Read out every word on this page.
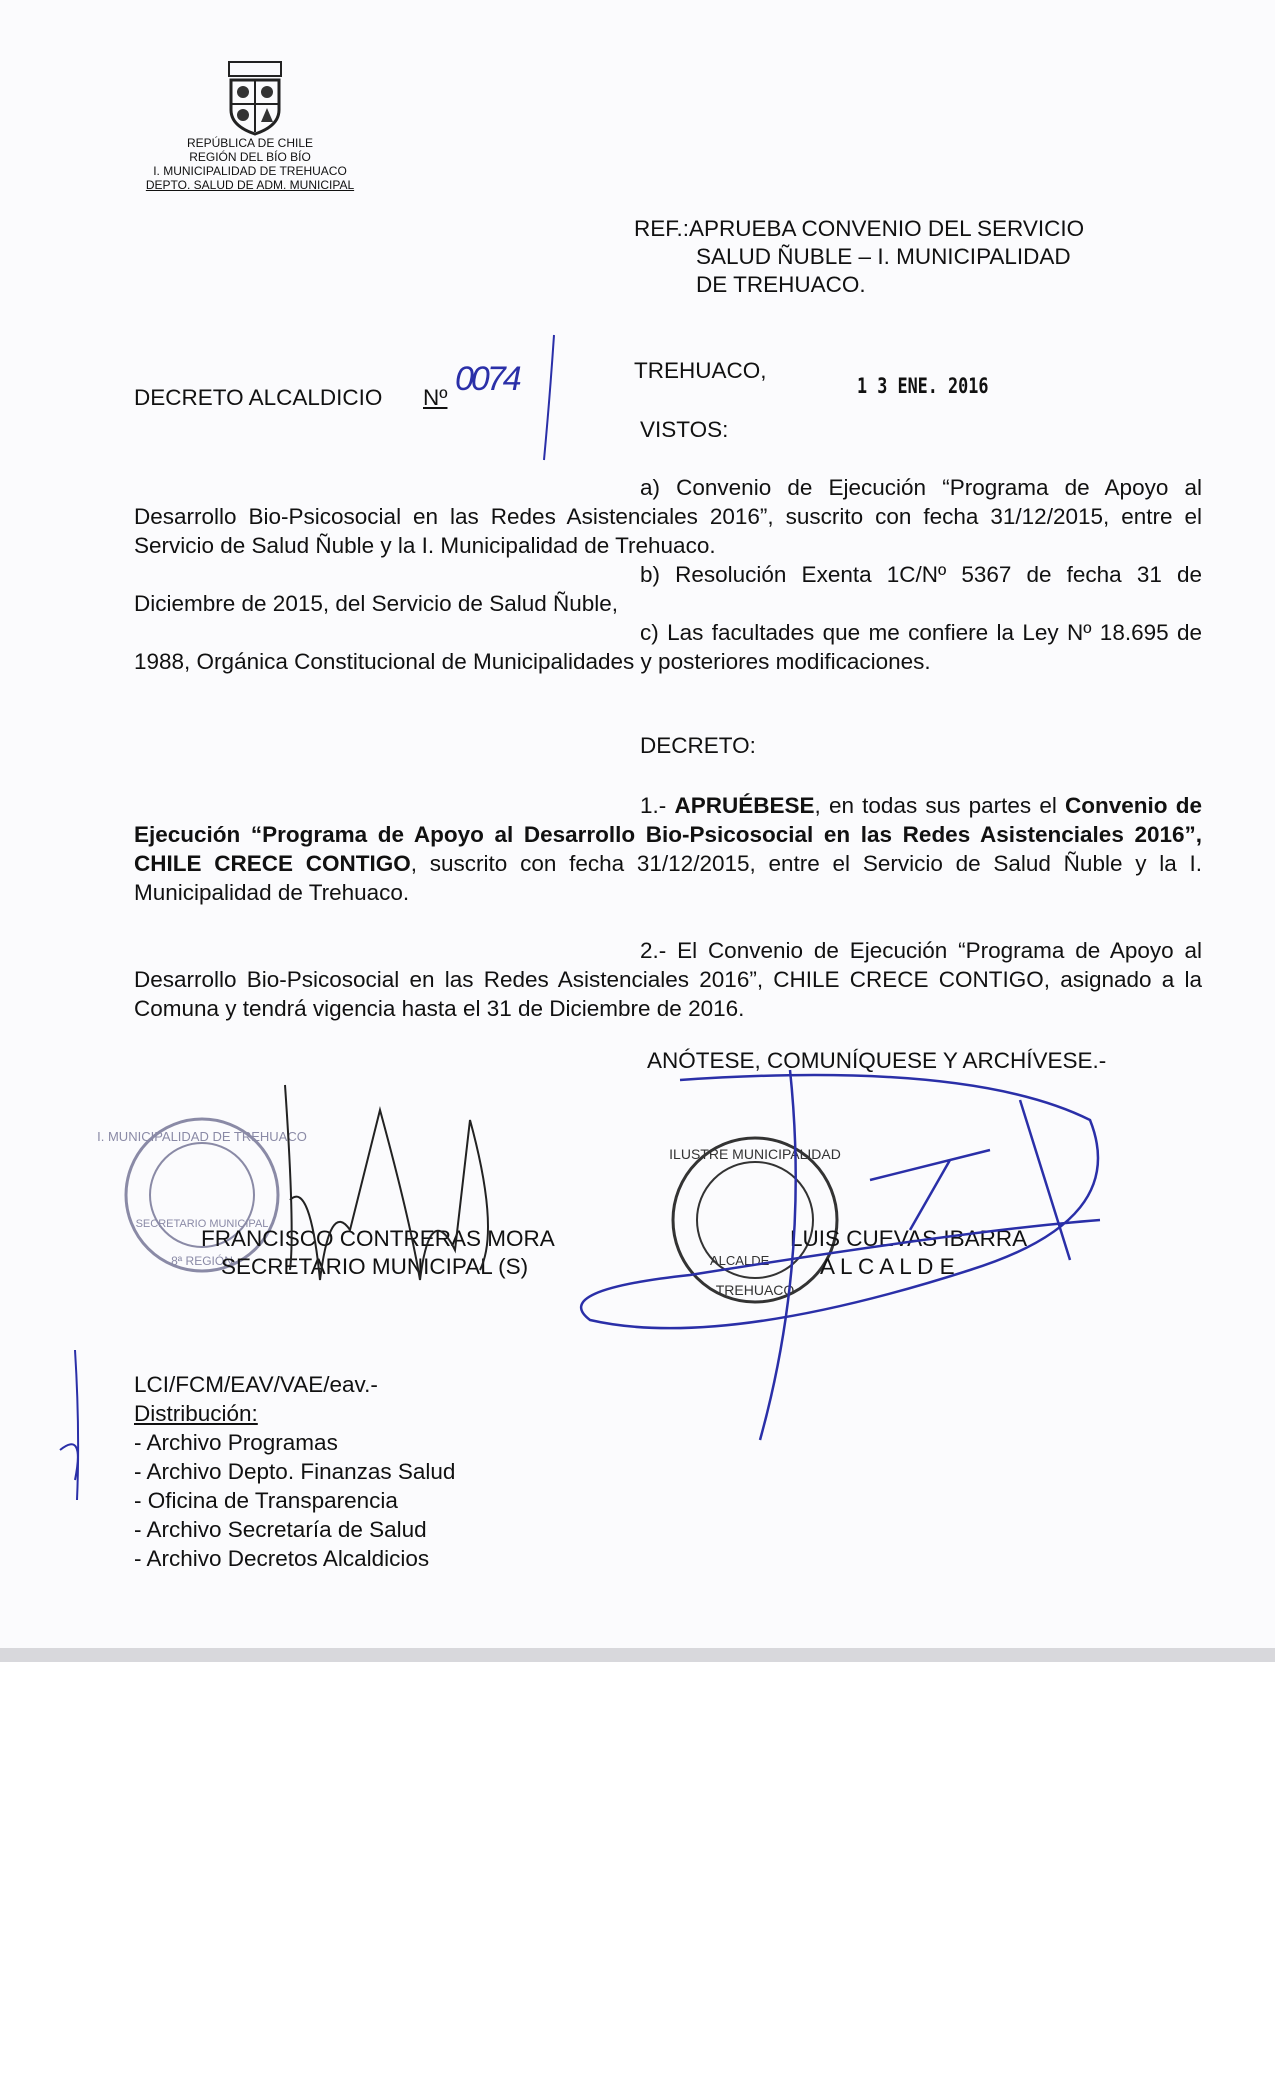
REPÚBLICA DE CHILE
REGIÓN DEL BÍO BÍO
I. MUNICIPALIDAD DE TREHUACO
DEPTO. SALUD DE ADM. MUNICIPAL
REF.:APRUEBA CONVENIO DEL SERVICIO
SALUD ÑUBLE – I. MUNICIPALIDAD
DE TREHUACO.
DECRETO ALCALDICIO Nº 0074	TREHUACO,
1 3 ENE. 2016
VISTOS:
a) Convenio de Ejecución “Programa de Apoyo al Desarrollo Bio-Psicosocial en las Redes Asistenciales 2016”, suscrito con fecha 31/12/2015, entre el Servicio de Salud Ñuble y la I. Municipalidad de Trehuaco.
b) Resolución Exenta 1C/Nº 5367 de fecha 31 de Diciembre de 2015, del Servicio de Salud Ñuble,
c) Las facultades que me confiere la Ley Nº 18.695 de 1988, Orgánica Constitucional de Municipalidades y posteriores modificaciones.
DECRETO:
1.- APRUÉBESE, en todas sus partes el Convenio de Ejecución “Programa de Apoyo al Desarrollo Bio-Psicosocial en las Redes Asistenciales 2016”, CHILE CRECE CONTIGO, suscrito con fecha 31/12/2015, entre el Servicio de Salud Ñuble y la I. Municipalidad de Trehuaco.
2.- El Convenio de Ejecución “Programa de Apoyo al Desarrollo Bio-Psicosocial en las Redes Asistenciales 2016”, CHILE CRECE CONTIGO, asignado a la Comuna y tendrá vigencia hasta el 31 de Diciembre de 2016.
ANÓTESE, COMUNÍQUESE Y ARCHÍVESE.-
I. MUNICIPALIDAD DE TREHUACO
SECRETARIO MUNICIPAL
8ª REGIÓN
ILUSTRE MUNICIPALIDAD
ALCALDE
TREHUACO
FRANCISCO CONTRERAS MORA
SECRETARIO MUNICIPAL (S)
LUIS CUEVAS IBARRA
A L C A L D E
LCI/FCM/EAV/VAE/eav.-
Distribución:
- Archivo Programas
- Archivo Depto. Finanzas Salud
- Oficina de Transparencia
- Archivo Secretaría de Salud
- Archivo Decretos Alcaldicios
